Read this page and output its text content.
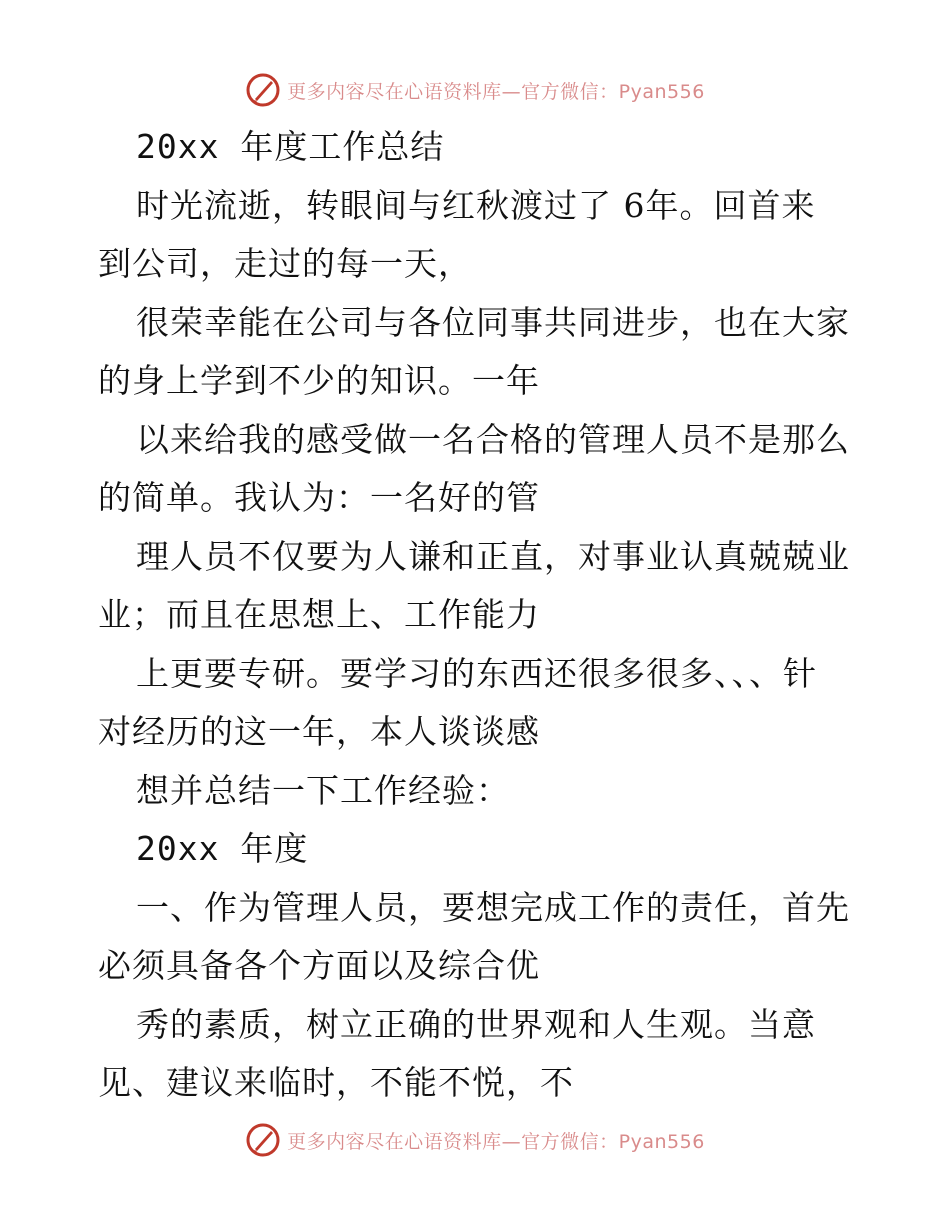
更多内容尽在心语资料库—官方微信：Pyan556
20xx 年度工作总结
时光流逝，转眼间与红秋渡过了 6年。回首来
到公司，走过的每一天，
很荣幸能在公司与各位同事共同进步，也在大家
的身上学到不少的知识。一年
以来给我的感受做一名合格的管理人员不是那么
的简单。我认为：一名好的管
理人员不仅要为人谦和正直，对事业认真兢兢业
业；而且在思想上、工作能力
上更要专研。要学习的东西还很多很多、、、针
对经历的这一年，本人谈谈感
想并总结一下工作经验：
20xx 年度
一、作为管理人员，要想完成工作的责任，首先
必须具备各个方面以及综合优
秀的素质，树立正确的世界观和人生观。当意
见、建议来临时，不能不悦，不
更多内容尽在心语资料库—官方微信：Pyan556
